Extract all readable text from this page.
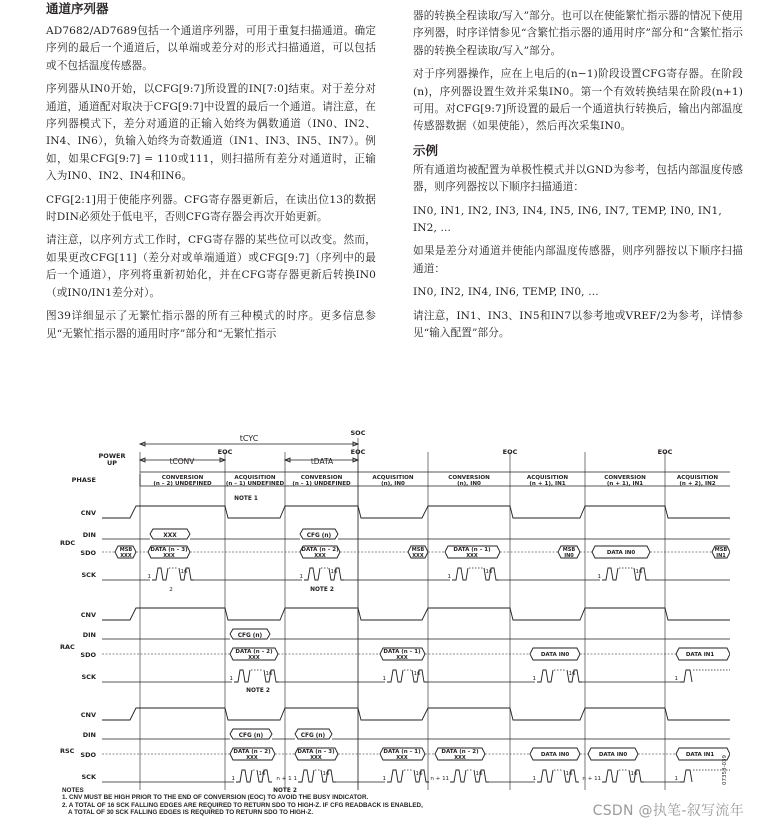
通道序列器

AD7682/AD7689包括一个通道序列器，可用于重复扫描通道。确定序列的最后一个通道后，以单端或差分对的形式扫描通道，可以包括或不包括温度传感器。

序列器从IN0开始，以CFG[9:7]所设置的IN[7:0]结束。对于差分对通道，通道配对取决于CFG[9:7]中设置的最后一个通道。请注意，在序列器模式下，差分对通道的正输入始终为偶数通道（IN0、IN2、IN4、IN6），负输入始终为奇数通道（IN1、IN3、IN5、IN7）。例如，如果CFG[9:7] = 110或111，则扫描所有差分对通道时，正输入为IN0、IN2、IN4和IN6。

CFG[2:1]用于使能序列器。CFG寄存器更新后，在读出位13的数据时DIN必须处于低电平，否则CFG寄存器会再次开始更新。

请注意，以序列方式工作时，CFG寄存器的某些位可以改变。然而，如果更改CFG[11]（差分对或单端通道）或CFG[9:7]（序列中的最后一个通道），序列将重新初始化，并在CFG寄存器更新后转换IN0（或IN0/IN1差分对）。

图39详细显示了无繁忙指示器的所有三种模式的时序。更多信息参见“无繁忙指示器的通用时序”部分和“无繁忙指示

器的转换全程读取/写入”部分。也可以在使能繁忙指示器的情况下使用序列器，时序详情参见“含繁忙指示器的通用时序”部分和“含繁忙指示器的转换全程读取/写入”部分。

对于序列器操作，应在上电后的(n−1)阶段设置CFG寄存器。在阶段(n)，序列器设置生效并采集IN0。第一个有效转换结果在阶段(n+1)可用。对CFG[9:7]所设置的最后一个通道执行转换后，输出内部温度传感器数据（如果使能），然后再次采集IN0。

示例

所有通道均被配置为单极性模式并以GND为参考，包括内部温度传感器，则序列器按以下顺序扫描通道：

IN0, IN1, IN2, IN3, IN4, IN5, IN6, IN7, TEMP, IN0, IN1, IN2, …

如果是差分对通道并使能内部温度传感器，则序列器按以下顺序扫描通道：

IN0, IN2, IN4, IN6, TEMP, IN0, …

请注意，IN1、IN3、IN5和IN7以参考地或VREF/2为参考，详情参见“输入配置”部分。

POWER
UP
tCYC
SOC
tCONV	tDATA
EOC	EOC	EOC	EOC
PHASE	CONVERSION
(n – 2) UNDEFINED
ACQUISITION
(n – 1) UNDEFINED
CONVERSION
(n – 1) UNDEFINED
ACQUISITION
(n), IN0
CONVERSION
(n), IN0
ACQUISITION
(n + 1), IN1
CONVERSION
(n + 1), IN1
ACQUISITION
(n + 2), IN2
NOTE 1
RDC
CNV
DIN	XXX	CFG (n)
SDO	MSB
XXX
DATA (n – 3)
XXX
DATA (n – 2)
XXX
MSB
XXX
DATA (n – 1)
XXX
MSB
IN0	DATA IN0	MSB
IN1
SCK	1
16
1
16
1
16
1
16
2	NOTE 2
RAC
CNV
DIN	CFG (n)
SDO	DATA (n – 2)
XXX
DATA (n – 1)
XXX	DATA IN0	DATA IN1
SCK	1
16
1
16
1
16
1
NOTE 2
RSC
CNV
DIN	CFG (n)	CFG (n)
SDO	DATA (n – 2)
XXX
DATA (n – 3)
XXX
DATA (n – 1)
XXX
DATA (n – 2)
XXX	DATA IN0	DATA IN0	DATA IN1
SCK	1
16
n + 1 1
16
1
16
n + 1 1
16
1
16
n + 1 1
16
1
NOTE 2
07353-039
NOTES
1. CNV MUST BE HIGH PRIOR TO THE END OF CONVERSION (EOC) TO AVOID THE BUSY INDICATOR.
2. A TOTAL OF 16 SCK FALLING EDGES ARE REQUIRED TO RETURN SDO TO HIGH-Z. IF CFG READBACK IS ENABLED,
A TOTAL OF 30 SCK FALLING EDGES IS REQUIRED TO RETURN SDO TO HIGH-Z.	CSDN @执笔-叙写流年
